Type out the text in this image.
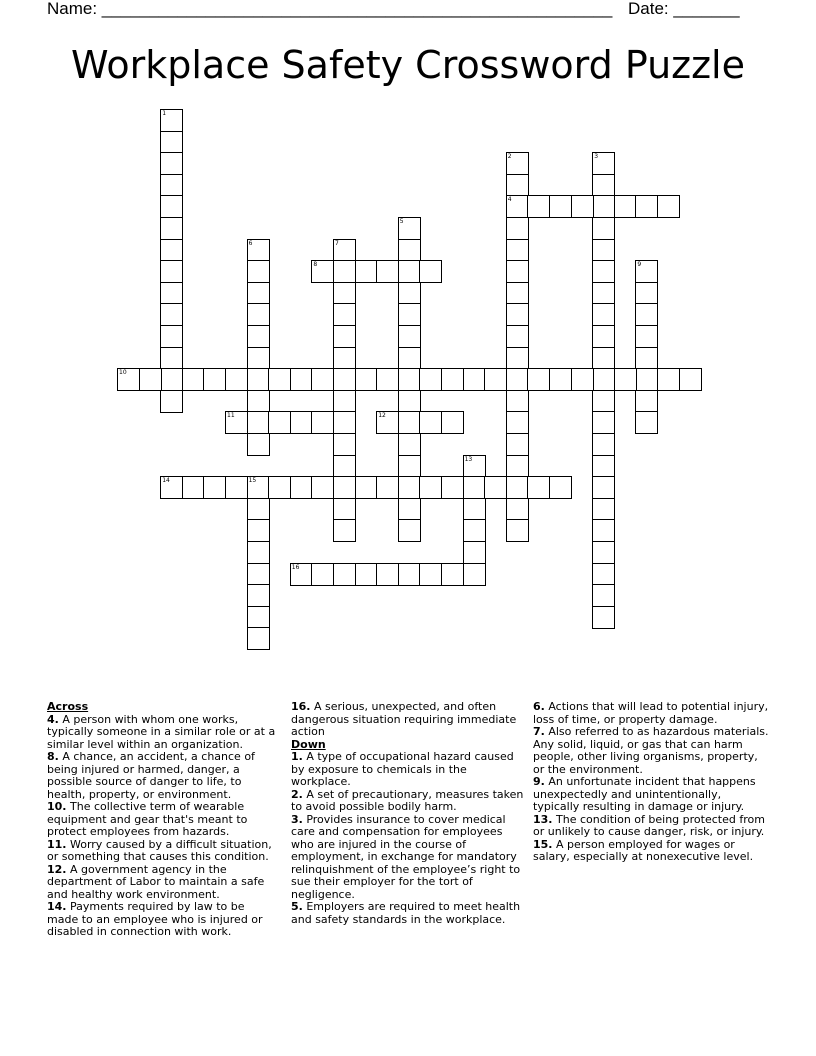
Name: ______________________________________________________ Date: _______
Workplace Safety Crossword Puzzle
1
2
4
3
5
6	7
8	9
10
11	12
13
14	15
16
Across
4. A person with whom one works, typically someone in a similar role or at a similar level within an organization.
8. A chance, an accident, a chance of being injured or harmed, danger, a possible source of danger to life, to health, property, or environment.
10. The collective term of wearable equipment and gear that's meant to protect employees from hazards.
11. Worry caused by a difficult situation, or something that causes this condition.
12. A government agency in the department of Labor to maintain a safe and healthy work environment.
14. Payments required by law to be made to an employee who is injured or disabled in connection with work.
16. A serious, unexpected, and often dangerous situation requiring immediate action
Down
1. A type of occupational hazard caused by exposure to chemicals in the workplace.
2. A set of precautionary, measures taken to avoid possible bodily harm.
3. Provides insurance to cover medical care and compensation for employees who are injured in the course of employment, in exchange for mandatory relinquishment of the employee’s right to sue their employer for the tort of negligence.
5. Employers are required to meet health and safety standards in the workplace.
6. Actions that will lead to potential injury, loss of time, or property damage.
7. Also referred to as hazardous materials. Any solid, liquid, or gas that can harm people, other living organisms, property, or the environment.
9. An unfortunate incident that happens unexpectedly and unintentionally, typically resulting in damage or injury.
13. The condition of being protected from or unlikely to cause danger, risk, or injury.
15. A person employed for wages or salary, especially at nonexecutive level.
